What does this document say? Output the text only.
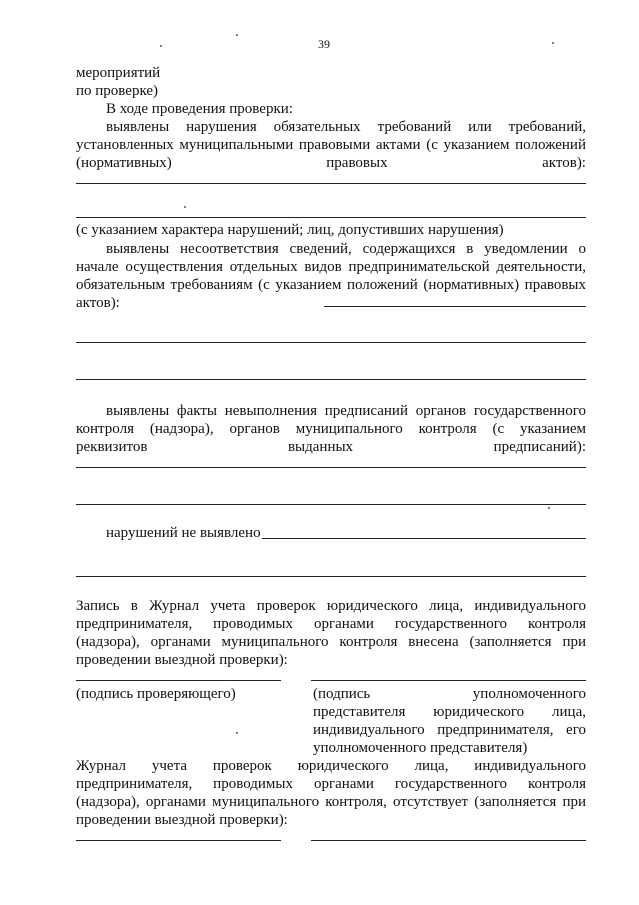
39
мероприятий
по проверке)
В ходе проведения проверки:
выявлены нарушения обязательных требований или требований,
установленных муниципальными правовыми актами (с указанием положений
(нормативных)	правовых	актов):
(с указанием характера нарушений; лиц, допустивших нарушения)
выявлены несоответствия сведений, содержащихся в уведомлении о
начале осуществления отдельных видов предпринимательской деятельности,
обязательным требованиям (с указанием положений (нормативных) правовых
актов):
выявлены факты невыполнения предписаний органов государственного
контроля (надзора), органов муниципального контроля (с указанием
реквизитов	выданных	предписаний):
нарушений не выявлено
Запись в Журнал учета проверок юридического лица, индивидуального
предпринимателя, проводимых органами государственного контроля
(надзора), органами муниципального контроля внесена (заполняется при
проведении выездной проверки):
(подпись проверяющего)	(подпись уполномоченного
представителя юридического лица,
индивидуального предпринимателя, его
уполномоченного представителя)
Журнал учета проверок юридического лица, индивидуального
предпринимателя, проводимых органами государственного контроля
(надзора), органами муниципального контроля, отсутствует (заполняется при
проведении выездной проверки):
